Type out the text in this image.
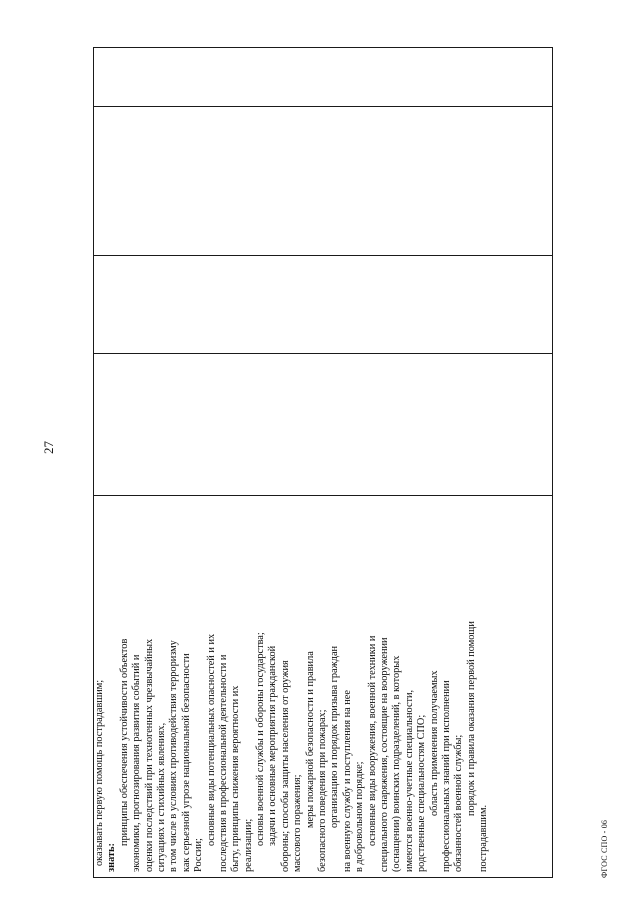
27
оказывать первую помощь пострадавшим; знать:
принципы обеспечения устойчивости объектов экономики, прогнозирования развития событий и оценки последствий при техногенных чрезвычайных ситуациях и стихийных явлениях, в том числе в условиях противодействия терроризму как серьезной угрозе национальной безопасности России;
основные виды потенциальных опасностей и их последствия в профессиональной деятельности и быту, принципы снижения вероятности их реализации; основы военной службы и обороны государства; задачи и основные мероприятия гражданской обороны; способы защиты населения от оружия массового поражения; меры пожарной безопасности и правила безопасного поведения при пожарах; организацию и порядок призыва граждан на военную службу и поступления на нее в добровольном порядке; основные виды вооружения, военной техники и специального снаряжения, состоящие на вооружении (оснащении) воинских подразделений, в которых имеются военно-учетные специальности, родственные специальностям СПО; область применения получаемых профессиональных знаний при исполнении обязанностей военной службы; порядок и правила оказания первой помощи
пострадавшим.	ФГОС СПО - 06
